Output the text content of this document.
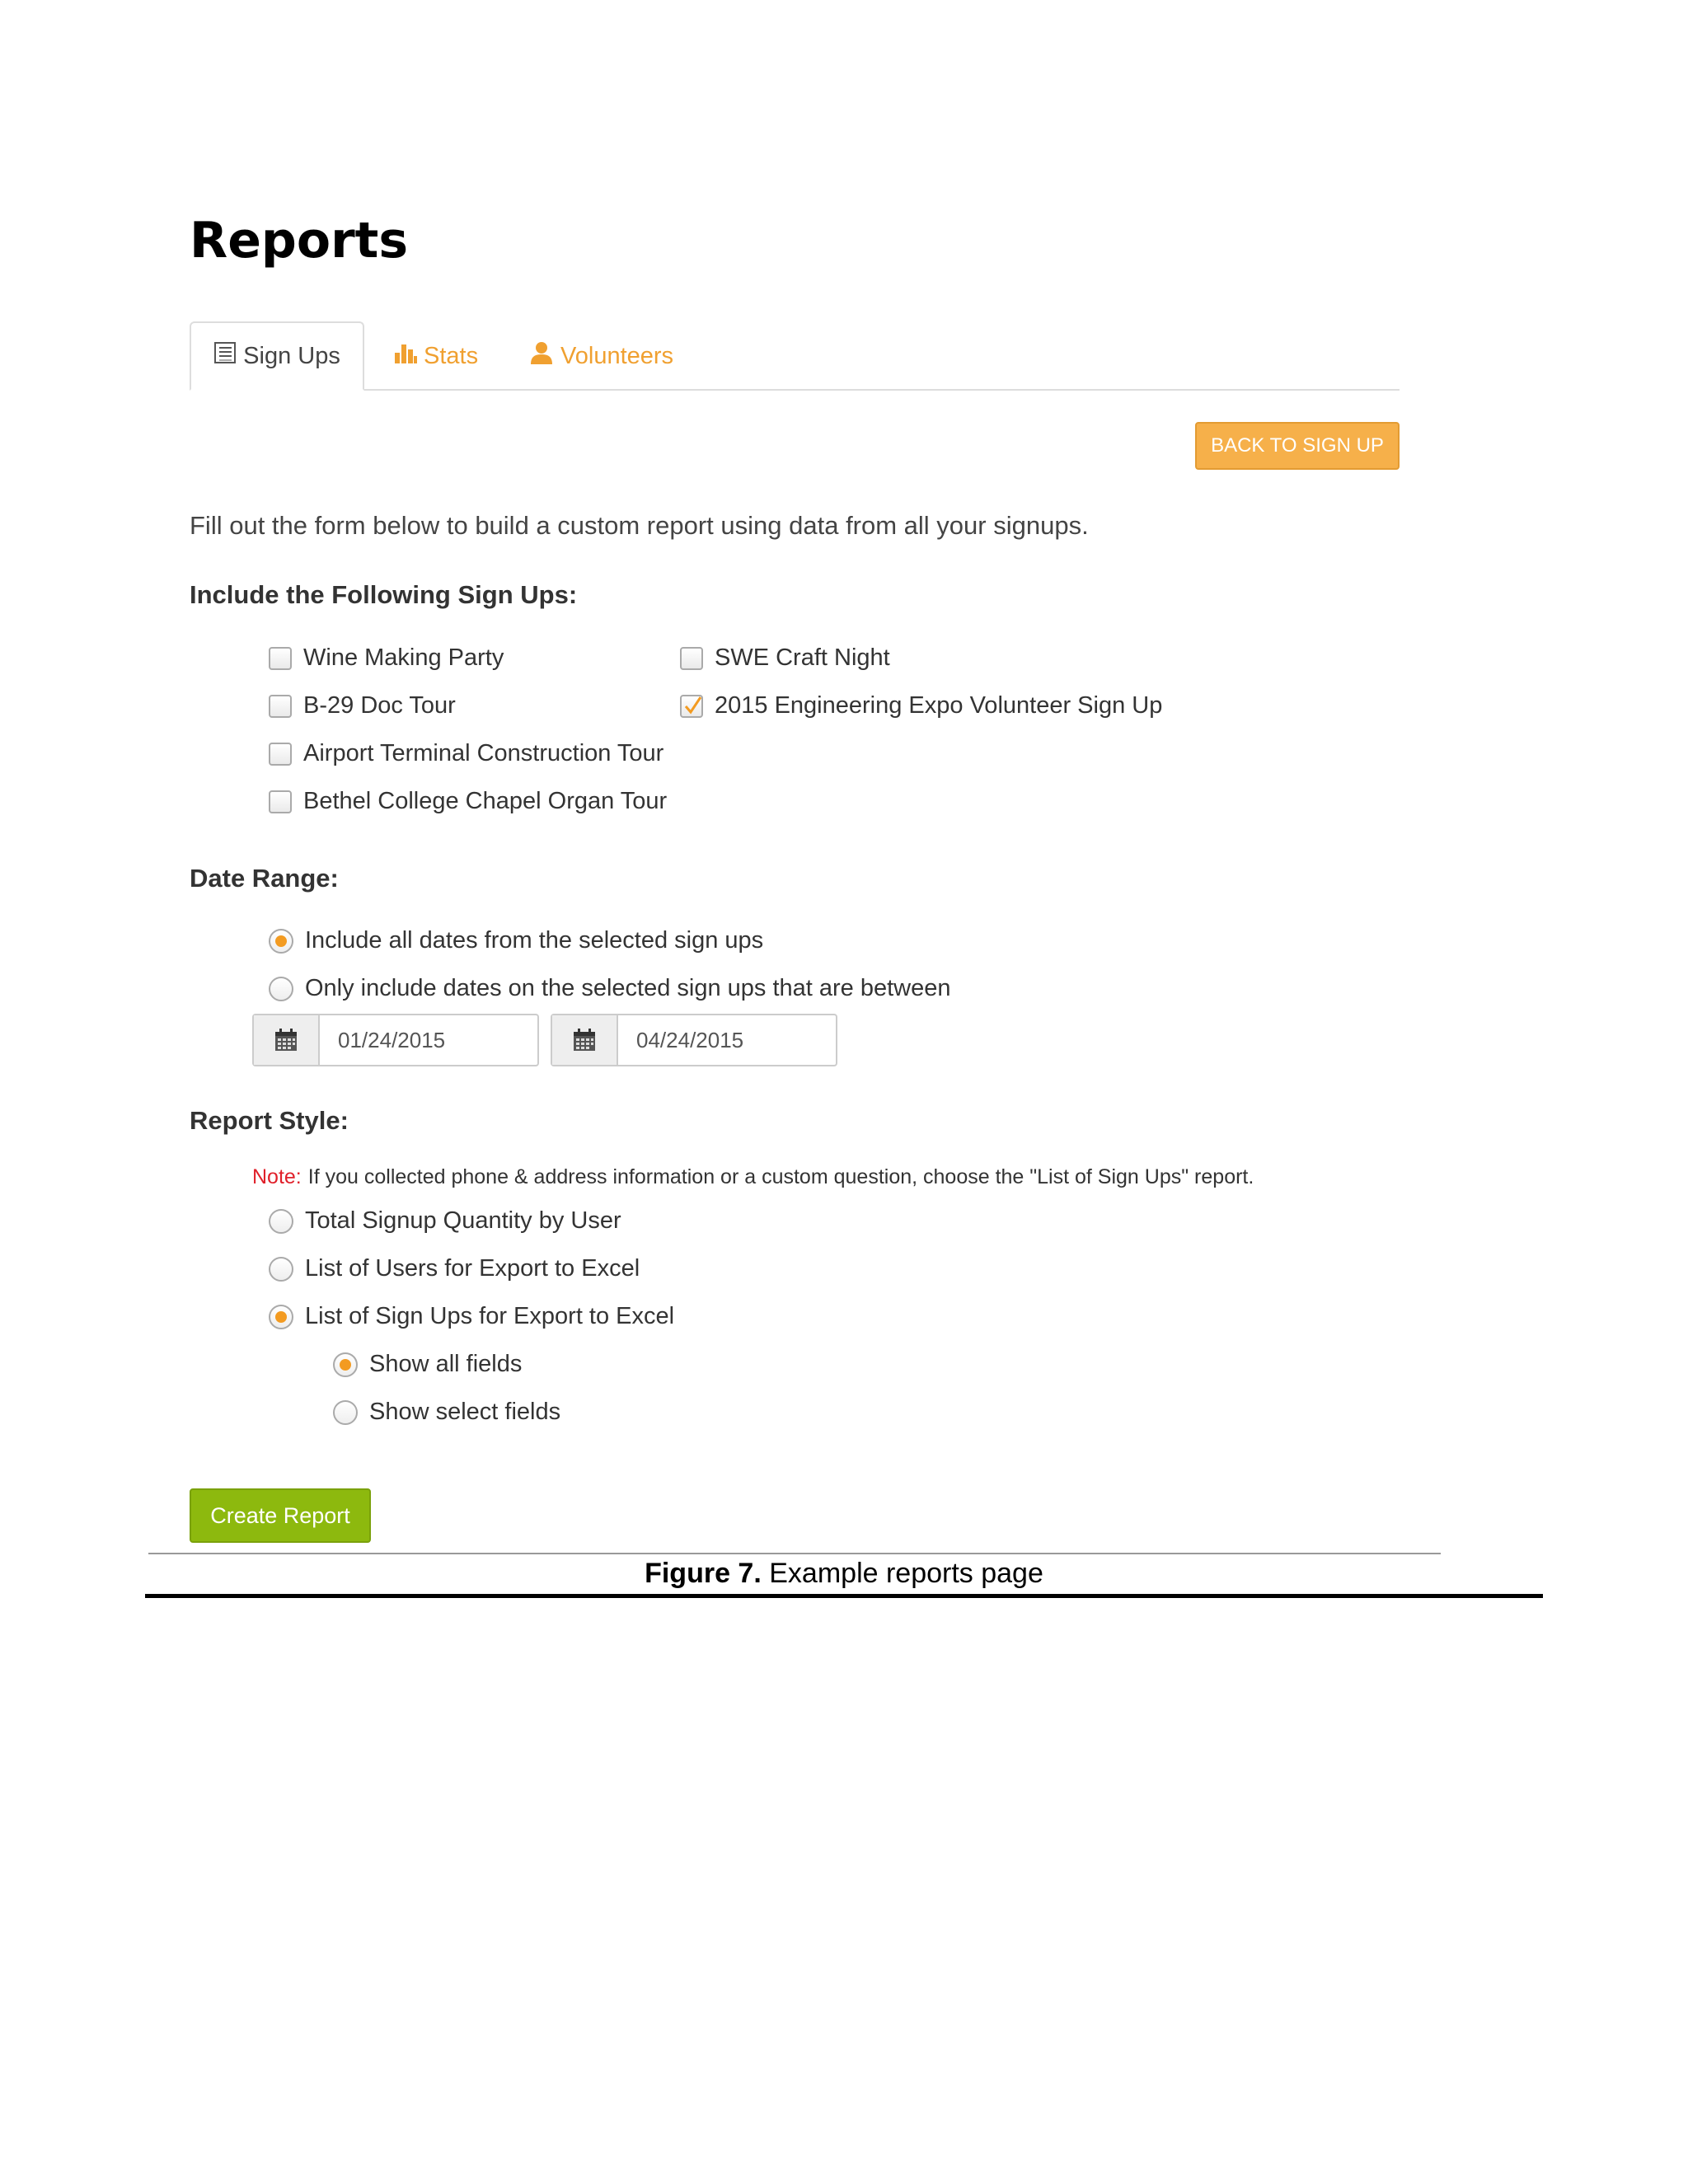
Reports
Sign Ups	Stats	Volunteers
BACK TO SIGN UP
Fill out the form below to build a custom report using data from all your signups.
Include the Following Sign Ups:
Wine Making Party
B-29 Doc Tour
Airport Terminal Construction Tour
Bethel College Chapel Organ Tour
SWE Craft Night
2015 Engineering Expo Volunteer Sign Up
Date Range:
Include all dates from the selected sign ups
Only include dates on the selected sign ups that are between
01/24/2015
04/24/2015
Report Style:
Note: If you collected phone & address information or a custom question, choose the "List of Sign Ups" report.
Total Signup Quantity by User
List of Users for Export to Excel
List of Sign Ups for Export to Excel
Show all fields
Show select fields
Create Report
Figure 7. Example reports page
